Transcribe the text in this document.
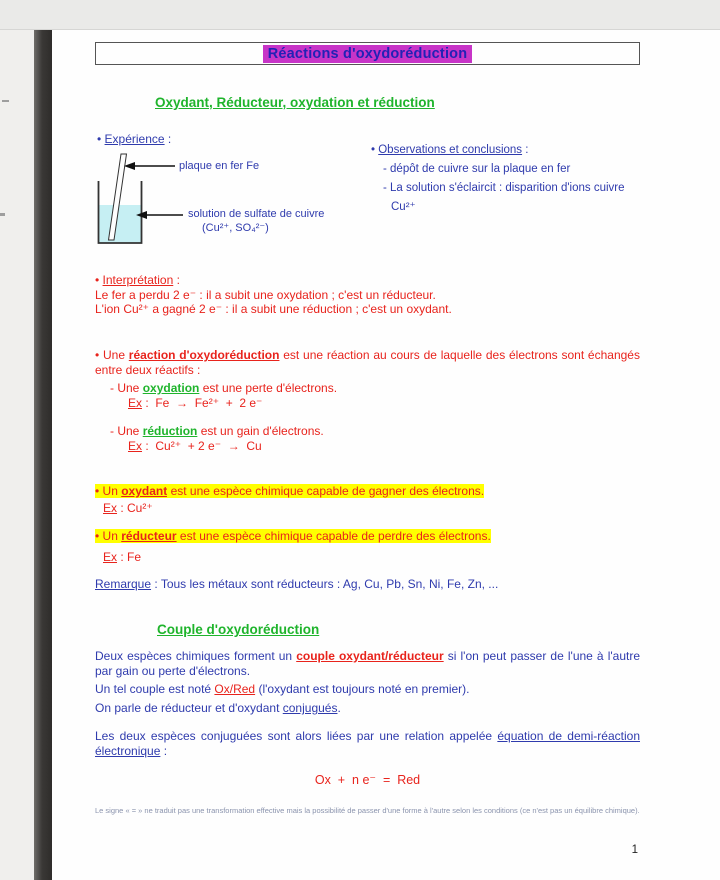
Réactions d'oxydoréduction
Oxydant, Réducteur, oxydation et réduction

• Expérience :

plaque en fer Fe
solution de sulfate de cuivre
(Cu²⁺, SO₄²⁻)

• Observations et conclusions :

- dépôt de cuivre sur la plaque en fer

- La solution s'éclaircit : disparition d'ions cuivre

Cu²⁺

• Interprétation :

Le fer a perdu 2 e⁻ : il a subit une oxydation ; c'est un réducteur.

L'ion Cu²⁺ a gagné 2 e⁻ : il a subit une réduction ; c'est un oxydant.

• Une réaction d'oxydoréduction est une réaction au cours de laquelle des électrons sont échangés entre deux réactifs :

- Une oxydation est une perte d'électrons.

Ex :  Fe  →  Fe²⁺  +  2 e⁻

- Une réduction est un gain d'électrons.

Ex :  Cu²⁺  + 2 e⁻  →  Cu

• Un oxydant est une espèce chimique capable de gagner des électrons.

Ex : Cu²⁺

• Un réducteur est une espèce chimique capable de perdre des électrons.

Ex : Fe

Remarque : Tous les métaux sont réducteurs : Ag, Cu, Pb, Sn, Ni, Fe, Zn, ...

Couple d'oxydoréduction

Deux espèces chimiques forment un couple oxydant/réducteur si l'on peut passer de l'une à l'autre par gain ou perte d'électrons.

Un tel couple est noté Ox/Red (l'oxydant est toujours noté en premier).

On parle de réducteur et d'oxydant conjugués.

Les deux espèces conjuguées sont alors liées par une relation appelée équation de demi-réaction électronique :

Ox  +  n e⁻  =  Red

Le signe « = » ne traduit pas une transformation effective mais la possibilité de passer d'une forme à l'autre selon les conditions (ce n'est pas un équilibre chimique).

1
